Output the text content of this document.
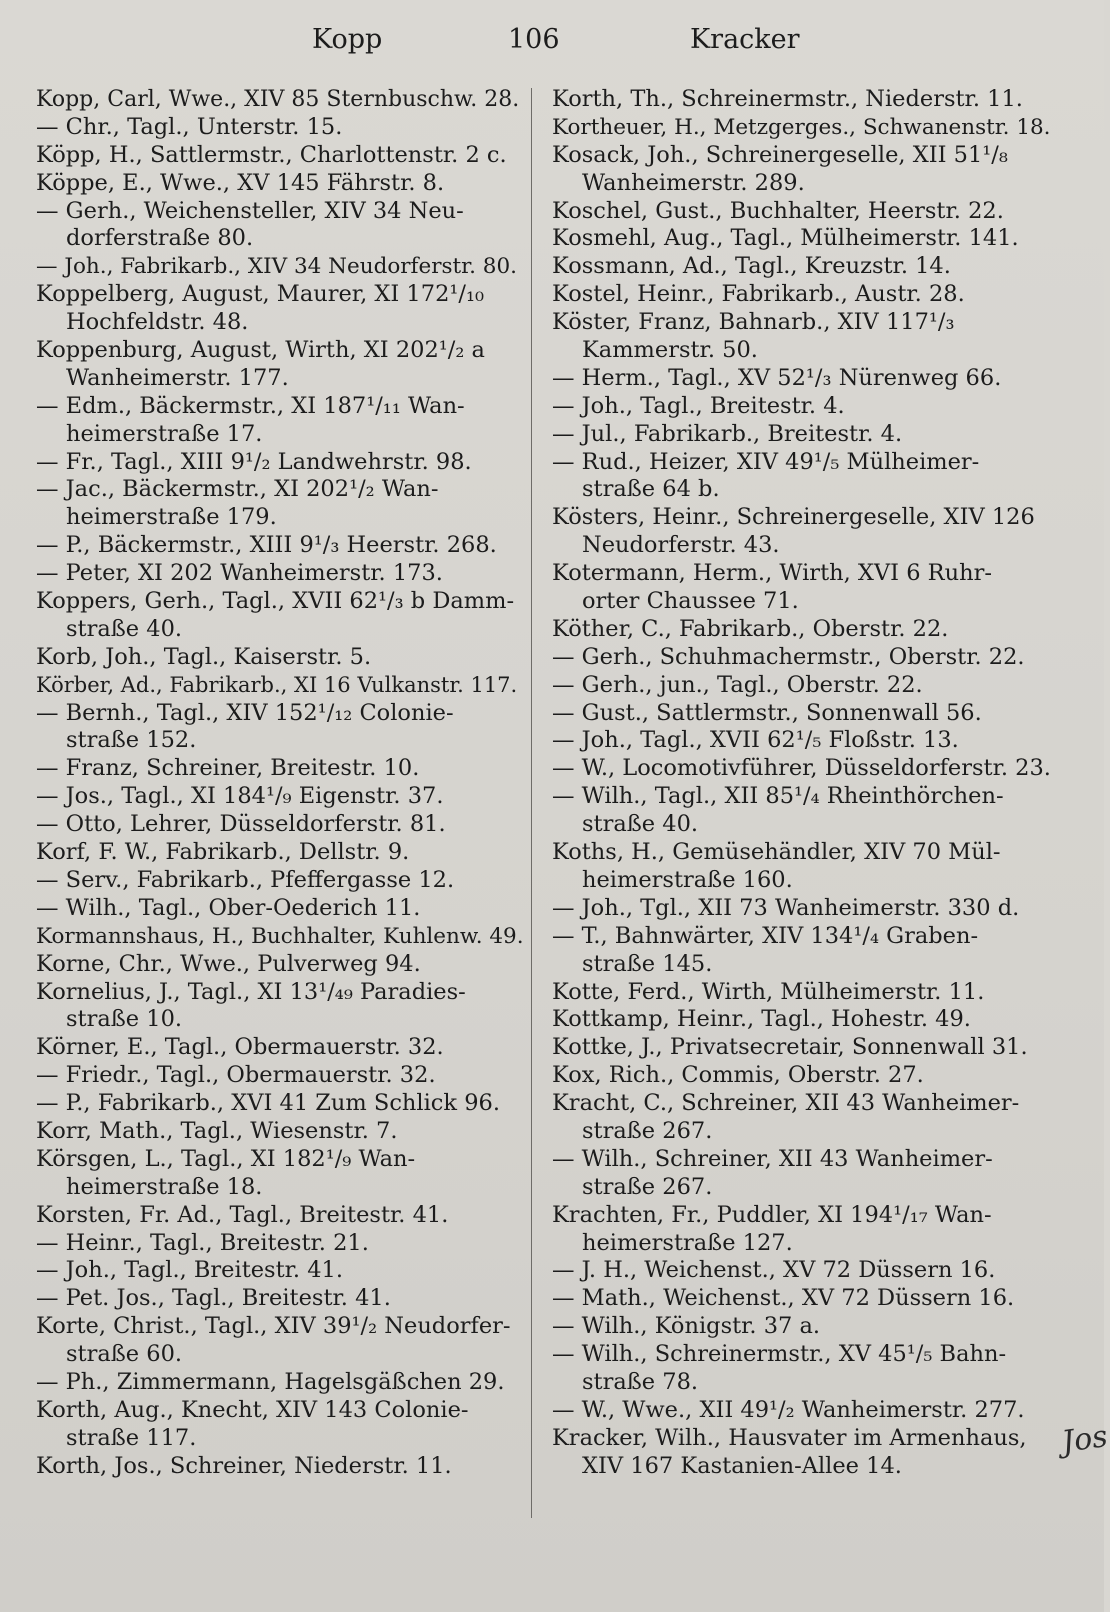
Kopp	106	Kracker
Kopp, Carl, Wwe., XIV 85 Sternbuschw. 28.
— Chr., Tagl., Unterstr. 15.
Köpp, H., Sattlermstr., Charlottenstr. 2 c.
Köppe, E., Wwe., XV 145 Fährstr. 8.
— Gerh., Weichensteller, XIV 34 Neu-
dorferstraße 80.
— Joh., Fabrikarb., XIV 34 Neudorferstr. 80.
Koppelberg, August, Maurer, XI 172¹/₁₀
Hochfeldstr. 48.
Koppenburg, August, Wirth, XI 202¹/₂ a
Wanheimerstr. 177.
— Edm., Bäckermstr., XI 187¹/₁₁ Wan-
heimerstraße 17.
— Fr., Tagl., XIII 9¹/₂ Landwehrstr. 98.
— Jac., Bäckermstr., XI 202¹/₂ Wan-
heimerstraße 179.
— P., Bäckermstr., XIII 9¹/₃ Heerstr. 268.
— Peter, XI 202 Wanheimerstr. 173.
Koppers, Gerh., Tagl., XVII 62¹/₃ b Damm-
straße 40.
Korb, Joh., Tagl., Kaiserstr. 5.
Körber, Ad., Fabrikarb., XI 16 Vulkanstr. 117.
— Bernh., Tagl., XIV 152¹/₁₂ Colonie-
straße 152.
— Franz, Schreiner, Breitestr. 10.
— Jos., Tagl., XI 184¹/₉ Eigenstr. 37.
— Otto, Lehrer, Düsseldorferstr. 81.
Korf, F. W., Fabrikarb., Dellstr. 9.
— Serv., Fabrikarb., Pfeffergasse 12.
— Wilh., Tagl., Ober-Oederich 11.
Kormannshaus, H., Buchhalter, Kuhlenw. 49.
Korne, Chr., Wwe., Pulverweg 94.
Kornelius, J., Tagl., XI 13¹/₄₉ Paradies-
straße 10.
Körner, E., Tagl., Obermauerstr. 32.
— Friedr., Tagl., Obermauerstr. 32.
— P., Fabrikarb., XVI 41 Zum Schlick 96.
Korr, Math., Tagl., Wiesenstr. 7.
Körsgen, L., Tagl., XI 182¹/₉ Wan-
heimerstraße 18.
Korsten, Fr. Ad., Tagl., Breitestr. 41.
— Heinr., Tagl., Breitestr. 21.
— Joh., Tagl., Breitestr. 41.
— Pet. Jos., Tagl., Breitestr. 41.
Korte, Christ., Tagl., XIV 39¹/₂ Neudorfer-
straße 60.
— Ph., Zimmermann, Hagelsgäßchen 29.
Korth, Aug., Knecht, XIV 143 Colonie-
straße 117.
Korth, Jos., Schreiner, Niederstr. 11.
Korth, Th., Schreinermstr., Niederstr. 11.
Kortheuer, H., Metzgerges., Schwanenstr. 18.
Kosack, Joh., Schreinergeselle, XII 51¹/₈
Wanheimerstr. 289.
Koschel, Gust., Buchhalter, Heerstr. 22.
Kosmehl, Aug., Tagl., Mülheimerstr. 141.
Kossmann, Ad., Tagl., Kreuzstr. 14.
Kostel, Heinr., Fabrikarb., Austr. 28.
Köster, Franz, Bahnarb., XIV 117¹/₃
Kammerstr. 50.
— Herm., Tagl., XV 52¹/₃ Nürenweg 66.
— Joh., Tagl., Breitestr. 4.
— Jul., Fabrikarb., Breitestr. 4.
— Rud., Heizer, XIV 49¹/₅ Mülheimer-
straße 64 b.
Kösters, Heinr., Schreinergeselle, XIV 126
Neudorferstr. 43.
Kotermann, Herm., Wirth, XVI 6 Ruhr-
orter Chaussee 71.
Köther, C., Fabrikarb., Oberstr. 22.
— Gerh., Schuhmachermstr., Oberstr. 22.
— Gerh., jun., Tagl., Oberstr. 22.
— Gust., Sattlermstr., Sonnenwall 56.
— Joh., Tagl., XVII 62¹/₅ Floßstr. 13.
— W., Locomotivführer, Düsseldorferstr. 23.
— Wilh., Tagl., XII 85¹/₄ Rheinthörchen-
straße 40.
Koths, H., Gemüsehändler, XIV 70 Mül-
heimerstraße 160.
— Joh., Tgl., XII 73 Wanheimerstr. 330 d.
— T., Bahnwärter, XIV 134¹/₄ Graben-
straße 145.
Kotte, Ferd., Wirth, Mülheimerstr. 11.
Kottkamp, Heinr., Tagl., Hohestr. 49.
Kottke, J., Privatsecretair, Sonnenwall 31.
Kox, Rich., Commis, Oberstr. 27.
Kracht, C., Schreiner, XII 43 Wanheimer-
straße 267.
— Wilh., Schreiner, XII 43 Wanheimer-
straße 267.
Krachten, Fr., Puddler, XI 194¹/₁₇ Wan-
heimerstraße 127.
— J. H., Weichenst., XV 72 Düssern 16.
— Math., Weichenst., XV 72 Düssern 16.
— Wilh., Königstr. 37 a.
— Wilh., Schreinermstr., XV 45¹/₅ Bahn-
straße 78.
— W., Wwe., XII 49¹/₂ Wanheimerstr. 277.
Kracker, Wilh., Hausvater im Armenhaus,
XIV 167 Kastanien-Allee 14.
Jos
